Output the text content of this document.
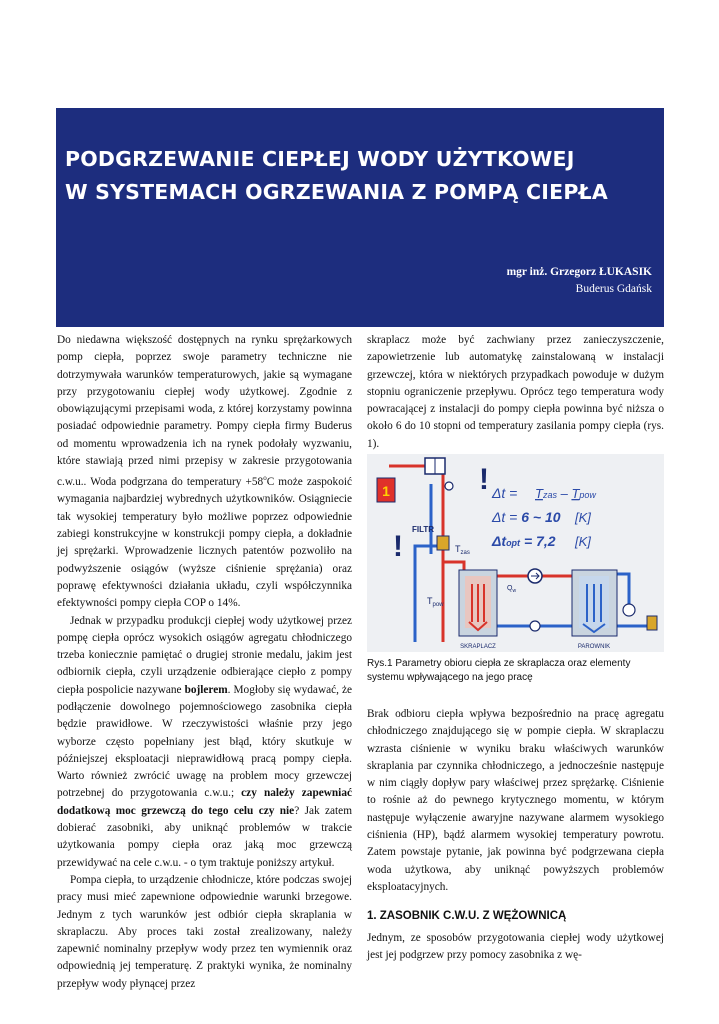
PODGRZEWANIE CIEPŁEJ WODY UŻYTKOWEJ
W SYSTEMACH OGRZEWANIA Z POMPĄ CIEPŁA
mgr inż. Grzegorz ŁUKASIK
Buderus Gdańsk

Do niedawna większość dostępnych na rynku sprężarkowych pomp ciepła, poprzez swoje parametry techniczne nie dotrzymywała warunków temperaturowych, jakie są wymagane przy przygotowaniu ciepłej wody użytkowej. Zgodnie z obowiązującymi przepisami woda, z której korzystamy powinna posiadać odpowiednie parametry. Pompy ciepła firmy Buderus od momentu wprowadzenia ich na rynek podołały wyzwaniu, które stawiają przed nimi przepisy w zakresie przygotowania c.w.u.. Woda podgrzana do temperatury $+58^oC$ może zaspokoić wymagania najbardziej wybrednych użytkowników. Osiągniecie tak wysokiej temperatury było możliwe poprzez odpowiednie zabiegi konstrukcyjne w konstrukcji pompy ciepła, a dokładnie jej sprężarki. Wprowadzenie licznych patentów pozwoliło na podwyższenie osiągów (wyższe ciśnienie sprężania) oraz poprawę efektywności działania układu, czyli współczynnika efektywności pompy ciepła COP o 14%.

Jednak w przypadku produkcji ciepłej wody użytkowej przez pompę ciepła oprócz wysokich osiągów agregatu chłodniczego trzeba koniecznie pamiętać o drugiej stronie medalu, jakim jest odbiornik ciepła, czyli urządzenie odbierające ciepło z pompy ciepła pospolicie nazywane bojlerem. Mogłoby się wydawać, że podłączenie dowolnego pojemnościowego zasobnika ciepła będzie prawidłowe. W rzeczywistości właśnie przy jego wyborze często popełniany jest błąd, który skutkuje w późniejszej eksploatacji nieprawidłową pracą pompy ciepła. Warto również zwrócić uwagę na problem mocy grzewczej potrzebnej do przygotowania c.w.u.; czy należy zapewniać dodatkową moc grzewczą do tego celu czy nie? Jak zatem dobierać zasobniki, aby uniknąć problemów w trakcie użytkowania pompy ciepła oraz jaką moc grzewczą przewidywać na cele c.w.u. - o tym traktuje poniższy artykuł.

Pompa ciepła, to urządzenie chłodnicze, które podczas swojej pracy musi mieć zapewnione odpowiednie warunki brzegowe. Jednym z tych warunków jest odbiór ciepła skraplania w skraplaczu. Aby proces taki został zrealizowany, należy zapewnić nominalny przepływ wody przez ten wymiennik oraz odpowiednią jej temperaturę. Z praktyki wynika, że nominalny przepływ wody płynącej przez

skraplacz może być zachwiany przez zanieczyszczenie, zapowietrzenie lub automatykę zainstalowaną w instalacji grzewczej, która w niektórych przypadkach powoduje w dużym stopniu ograniczenie przepływu. Oprócz tego temperatura wody powracającej z instalacji do pompy ciepła powinna być niższa o około 6 do 10 stopni od temperatury zasilania pompy ciepła (rys. 1).

1	!
!
FILTR
$T_{zas}$
$T_{pow}$
SKRAPLACZ	PAROWNIK
$Q_w$
Δt = Tzas – Tpow
Δt = 6 ~ 10 [K]
Δtopt = 7,2 [K]
Rys.1 Parametry obioru ciepła ze skraplacza oraz elementy systemu wpływającego na jego pracę

Brak odbioru ciepła wpływa bezpośrednio na pracę agregatu chłodniczego znajdującego się w pompie ciepła. W skraplaczu wzrasta ciśnienie w wyniku braku właściwych warunków skraplania par czynnika chłodniczego, a jednocześnie następuje w nim ciągły dopływ pary właściwej przez sprężarkę. Ciśnienie to rośnie aż do pewnego krytycznego momentu, w którym następuje wyłączenie awaryjne nazywane alarmem wysokiego ciśnienia (HP), bądź alarmem wysokiej temperatury powrotu. Zatem powstaje pytanie, jak powinna być podgrzewana ciepła woda użytkowa, aby uniknąć powyższych problemów eksploatacyjnych.

1. ZASOBNIK C.W.U. Z WĘŻOWNICĄ

Jednym, ze sposobów przygotowania ciepłej wody użytkowej jest jej podgrzew przy pomocy zasobnika z wę-
